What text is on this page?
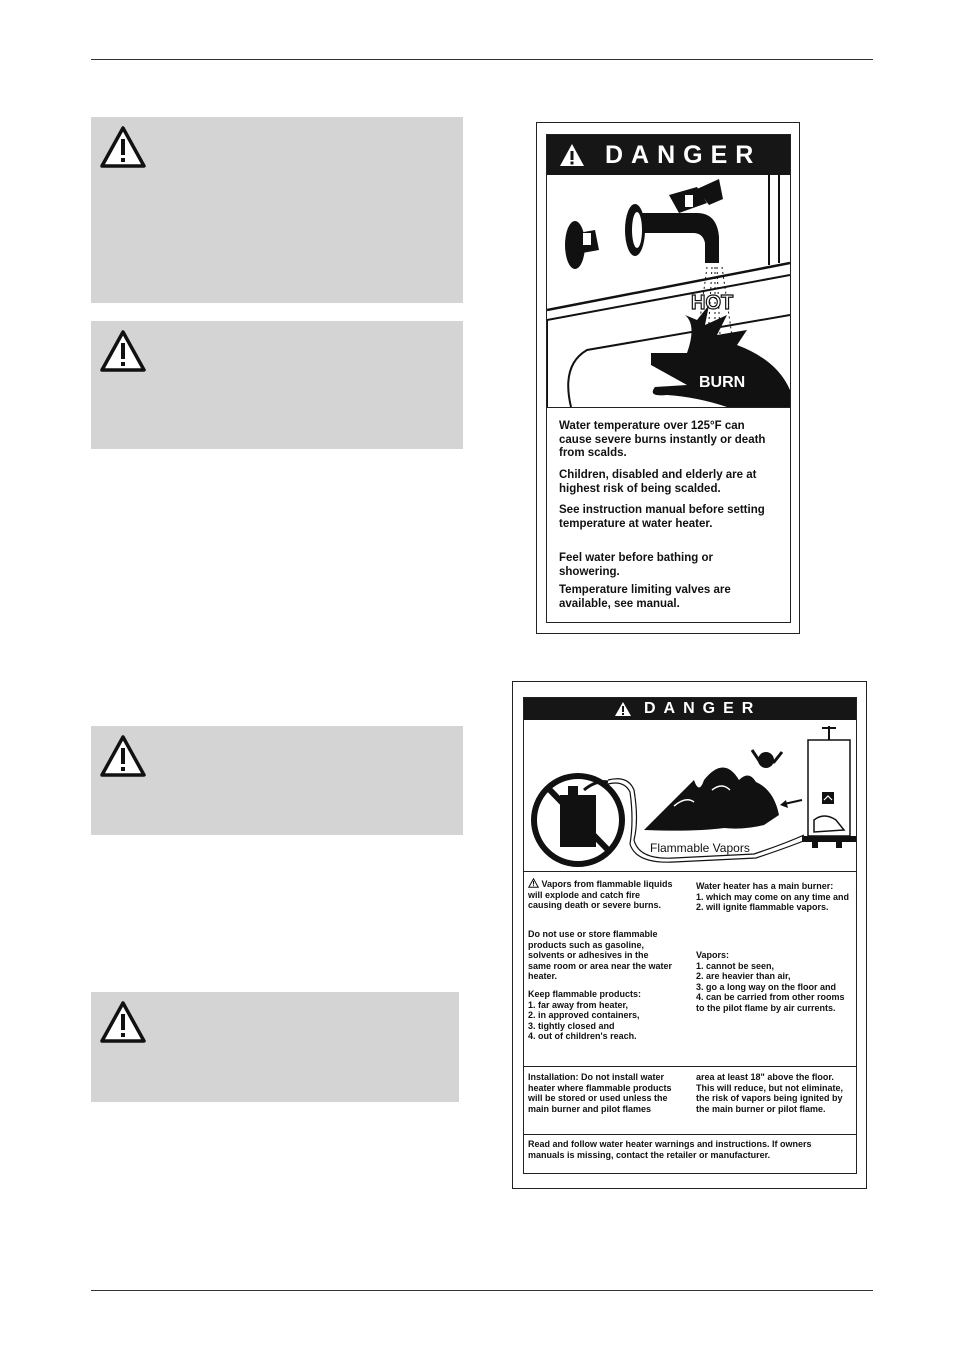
DANGER
HOT
BURN
Water temperature over 125°F can cause severe burns instantly or death from scalds.
Children, disabled and elderly are at highest risk of being scalded.
See instruction manual before setting temperature at water heater.
Feel water before bathing or showering.
Temperature limiting valves are available, see manual.
DANGER
Flammable Vapors
Vapors from flammable liquids will explode and catch fire causing death or severe burns.
Do not use or store flammable products such as gasoline, solvents or adhesives in the same room or area near the water heater.
Keep flammable products:
1. far away from heater,
2. in approved containers,
3. tightly closed and
4. out of children's reach.
Water heater has a main burner:
1. which may come on any time and
2. will ignite flammable vapors.
Vapors:
1. cannot be seen,
2. are heavier than air,
3. go a long way on the floor and
4. can be carried from other rooms to the pilot flame by air currents.
Installation: Do not install water heater where flammable products will be stored or used unless the main burner and pilot flames
area at least 18" above the floor. This will reduce, but not eliminate, the risk of vapors being ignited by the main burner or pilot flame.
Read and follow water heater warnings and instructions. If owners manuals is missing, contact the retailer or manufacturer.
